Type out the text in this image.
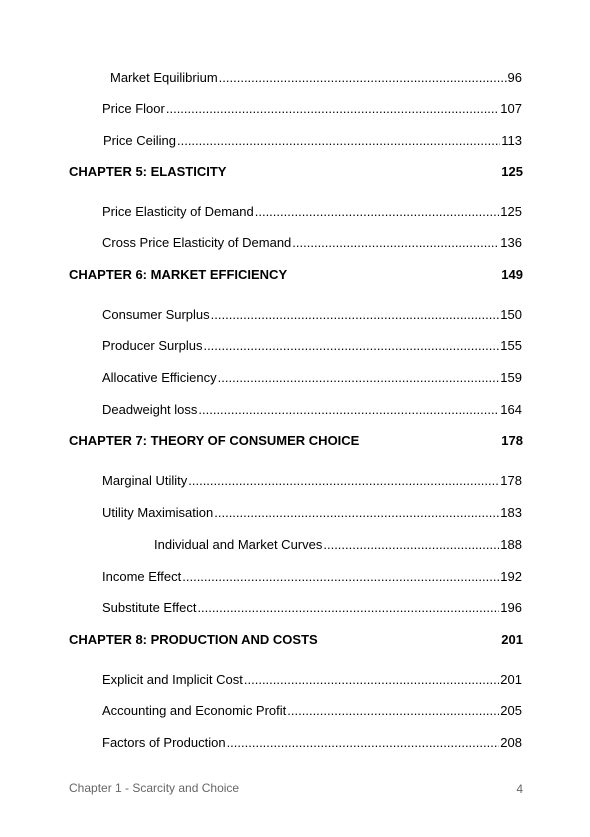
Market Equilibrium .....	96
Price Floor .....	107
Price Ceiling .....	113
CHAPTER 5: ELASTICITY	125
Price Elasticity of Demand .....	125
Cross Price Elasticity of Demand .....	136
CHAPTER 6: MARKET EFFICIENCY	149
Consumer Surplus .....	150
Producer Surplus .....	155
Allocative Efficiency .....	159
Deadweight loss .....	164
CHAPTER 7: THEORY OF CONSUMER CHOICE	178
Marginal Utility .....	178
Utility Maximisation .....	183
Individual and Market Curves .....	188
Income Effect .....	192
Substitute Effect .....	196
CHAPTER 8: PRODUCTION AND COSTS	201
Explicit and Implicit Cost .....	201
Accounting and Economic Profit .....	205
Factors of Production .....	208
Chapter 1 - Scarcity and Choice	4
